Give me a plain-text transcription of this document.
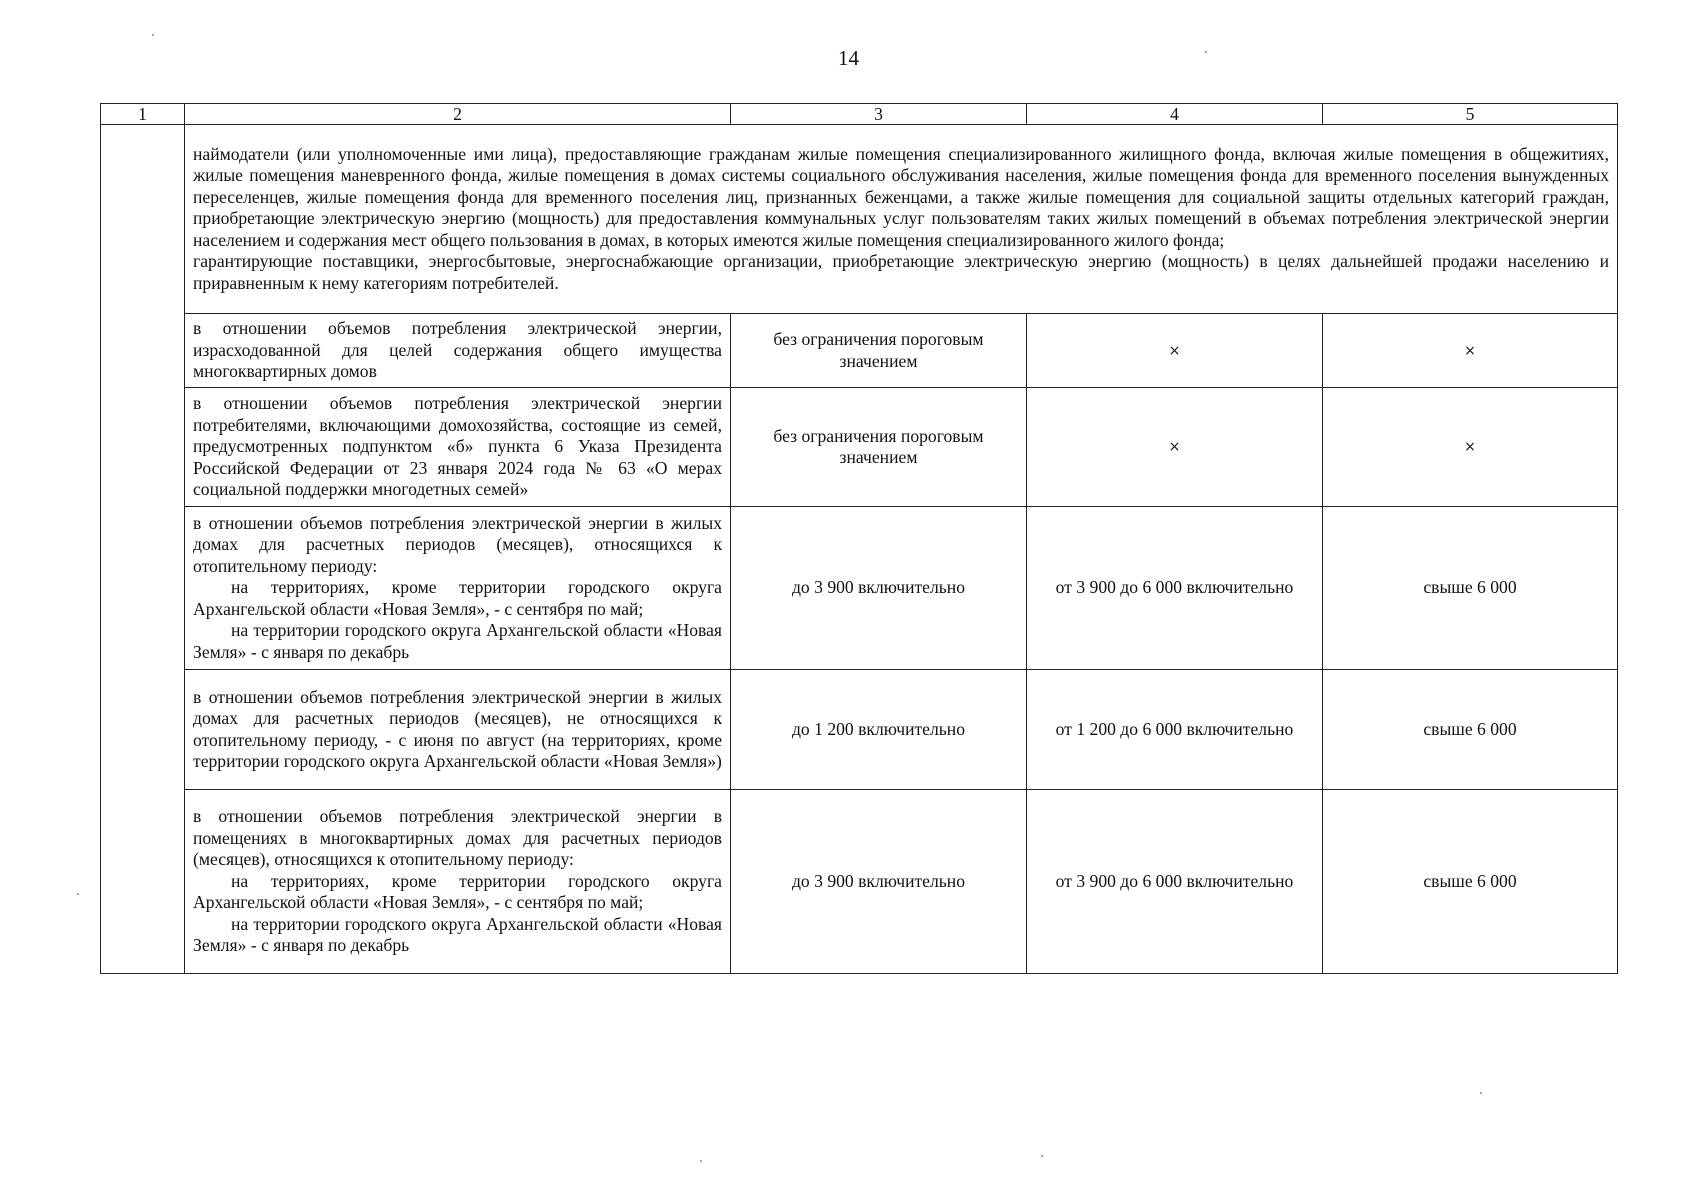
14
1	2	3	4	5

	наймодатели (или уполномоченные ими лица), предоставляющие гражданам жилые помещения специализированного жилищного фонда, включая жилые помещения в общежитиях, жилые помещения маневренного фонда, жилые помещения в домах системы социального обслуживания населения, жилые помещения фонда для временного поселения вынужденных переселенцев, жилые помещения фонда для временного поселения лиц, признанных беженцами, а также жилые помещения для социальной защиты отдельных категорий граждан, приобретающие электрическую энергию (мощность) для предоставления коммунальных услуг пользователям таких жилых помещений в объемах потребления электрической энергии населением и содержания мест общего пользования в домах, в которых имеются жилые помещения специализированного жилого фонда;
гарантирующие поставщики, энергосбытовые, энергоснабжающие организации, приобретающие электрическую энергию (мощность) в целях дальнейшей продажи населению и приравненным к нему категориям потребителей.			

	в отношении объемов потребления электрической энергии, израсходованной для целей содержания общего имущества многоквартирных домов	без ограничения пороговым значением	×	×

	в отношении объемов потребления электрической энергии потребителями, включающими домохозяйства, состоящие из семей, предусмотренных подпунктом «б» пункта 6 Указа Президента Российской Федерации от 23 января 2024 года № 63 «О мерах социальной поддержки многодетных семей»	без ограничения пороговым значением	×	×

	в отношении объемов потребления электрической энергии в жилых домах для расчетных периодов (месяцев), относящихся к отопительному периоду:
на территориях, кроме территории городского округа Архангельской области «Новая Земля», - с сентября по май;
на территории городского округа Архангельской области «Новая Земля» - с января по декабрь	до 3 900 включительно	от 3 900 до 6 000 включительно	свыше 6 000

	в отношении объемов потребления электрической энергии в жилых домах для расчетных периодов (месяцев), не относящихся к отопительному периоду, - с июня по август (на территориях, кроме территории городского округа Архангельской области «Новая Земля»)	до 1 200 включительно	от 1 200 до 6 000 включительно	свыше 6 000

	в отношении объемов потребления электрической энергии в помещениях в многоквартирных домах для расчетных периодов (месяцев), относящихся к отопительному периоду:
на территориях, кроме территории городского округа Архангельской области «Новая Земля», - с сентября по май;
на территории городского округа Архангельской области «Новая Земля» - с января по декабрь	до 3 900 включительно	от 3 900 до 6 000 включительно	свыше 6 000
